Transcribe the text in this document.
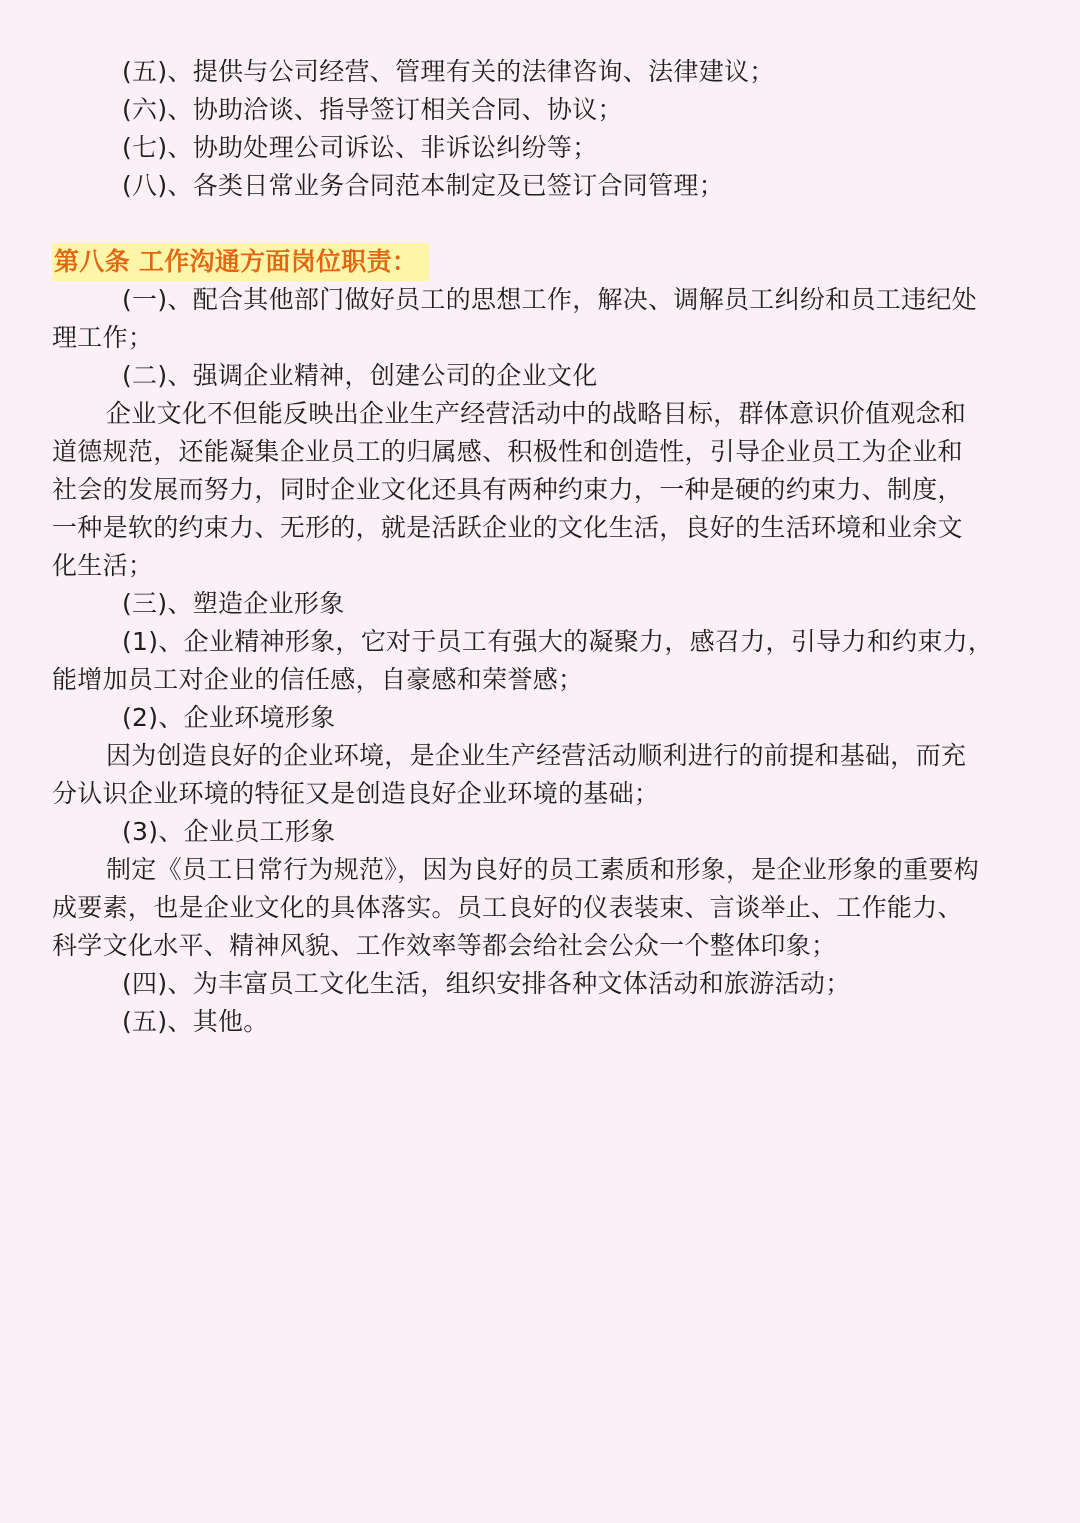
(五)、提供与公司经营、管理有关的法律咨询、法律建议；

(六)、协助洽谈、指导签订相关合同、协议；

(七)、协助处理公司诉讼、非诉讼纠纷等；

(八)、各类日常业务合同范本制定及已签订合同管理；

第八条 工作沟通方面岗位职责：

(一)、配合其他部门做好员工的思想工作，解决、调解员工纠纷和员工违纪处

理工作；

(二)、强调企业精神，创建公司的企业文化

企业文化不但能反映出企业生产经营活动中的战略目标，群体意识价值观念和

道德规范，还能凝集企业员工的归属感、积极性和创造性，引导企业员工为企业和

社会的发展而努力，同时企业文化还具有两种约束力，一种是硬的约束力、制度，

一种是软的约束力、无形的，就是活跃企业的文化生活，良好的生活环境和业余文

化生活；

(三)、塑造企业形象

(1)、企业精神形象，它对于员工有强大的凝聚力，感召力，引导力和约束力，

能增加员工对企业的信任感，自豪感和荣誉感；

(2)、企业环境形象

因为创造良好的企业环境，是企业生产经营活动顺利进行的前提和基础，而充

分认识企业环境的特征又是创造良好企业环境的基础；

(3)、企业员工形象

制定《员工日常行为规范》，因为良好的员工素质和形象，是企业形象的重要构

成要素，也是企业文化的具体落实。员工良好的仪表装束、言谈举止、工作能力、

科学文化水平、精神风貌、工作效率等都会给社会公众一个整体印象；

(四)、为丰富员工文化生活，组织安排各种文体活动和旅游活动；

(五)、其他。
